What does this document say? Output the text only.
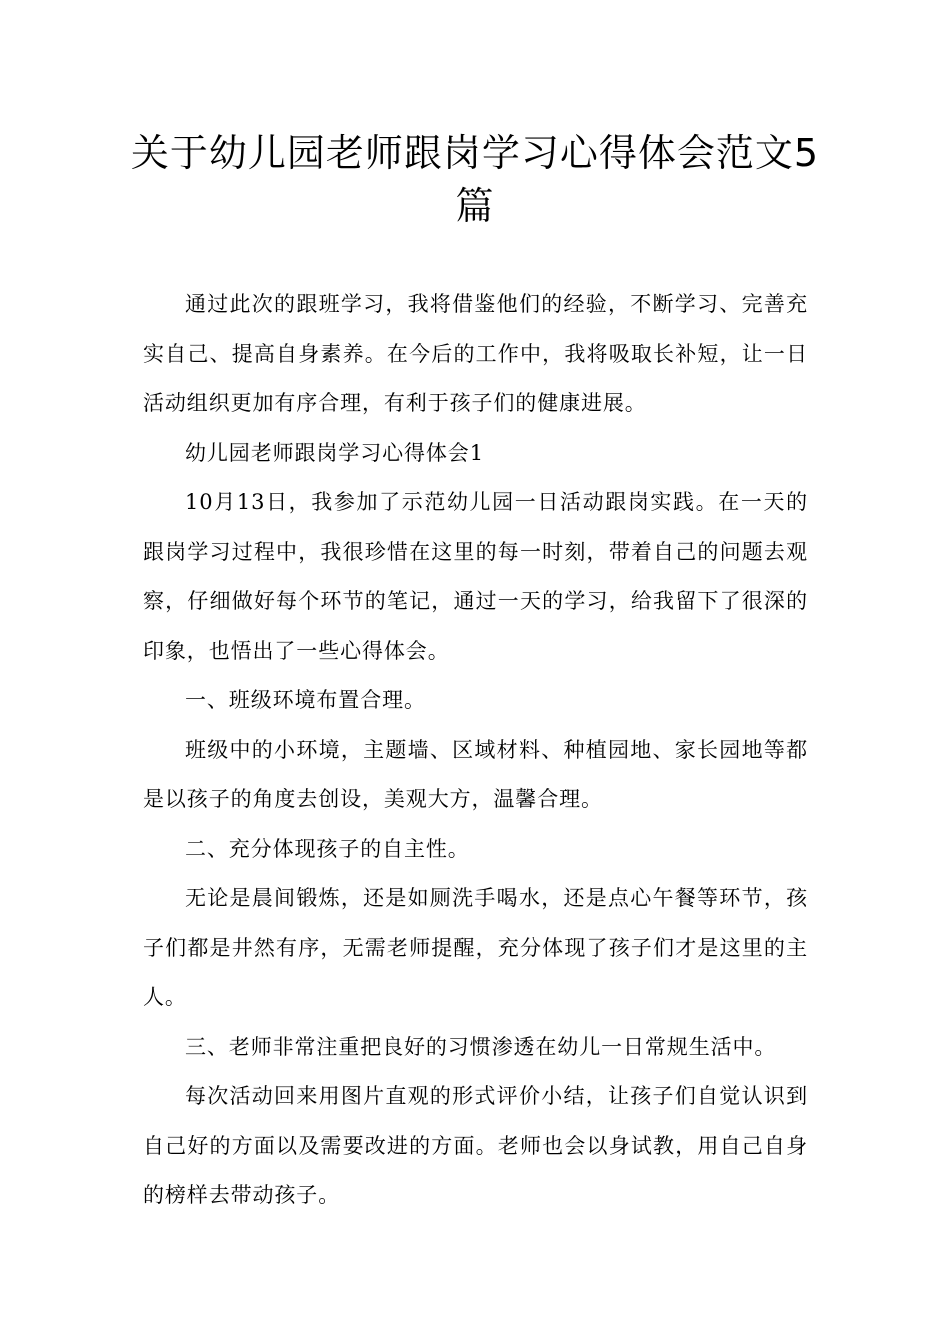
关于幼儿园老师跟岗学习心得体会范文5篇

通过此次的跟班学习，我将借鉴他们的经验，不断学习、完善充实自己、提高自身素养。在今后的工作中，我将吸取长补短，让一日活动组织更加有序合理，有利于孩子们的健康进展。

幼儿园老师跟岗学习心得体会1

10月13日，我参加了示范幼儿园一日活动跟岗实践。在一天的跟岗学习过程中，我很珍惜在这里的每一时刻，带着自己的问题去观察，仔细做好每个环节的笔记，通过一天的学习，给我留下了很深的印象，也悟出了一些心得体会。

一、班级环境布置合理。

班级中的小环境，主题墙、区域材料、种植园地、家长园地等都是以孩子的角度去创设，美观大方，温馨合理。

二、充分体现孩子的自主性。

无论是晨间锻炼，还是如厕洗手喝水，还是点心午餐等环节，孩子们都是井然有序，无需老师提醒，充分体现了孩子们才是这里的主人。

三、老师非常注重把良好的习惯渗透在幼儿一日常规生活中。

每次活动回来用图片直观的形式评价小结，让孩子们自觉认识到自己好的方面以及需要改进的方面。老师也会以身试教，用自己自身的榜样去带动孩子。
